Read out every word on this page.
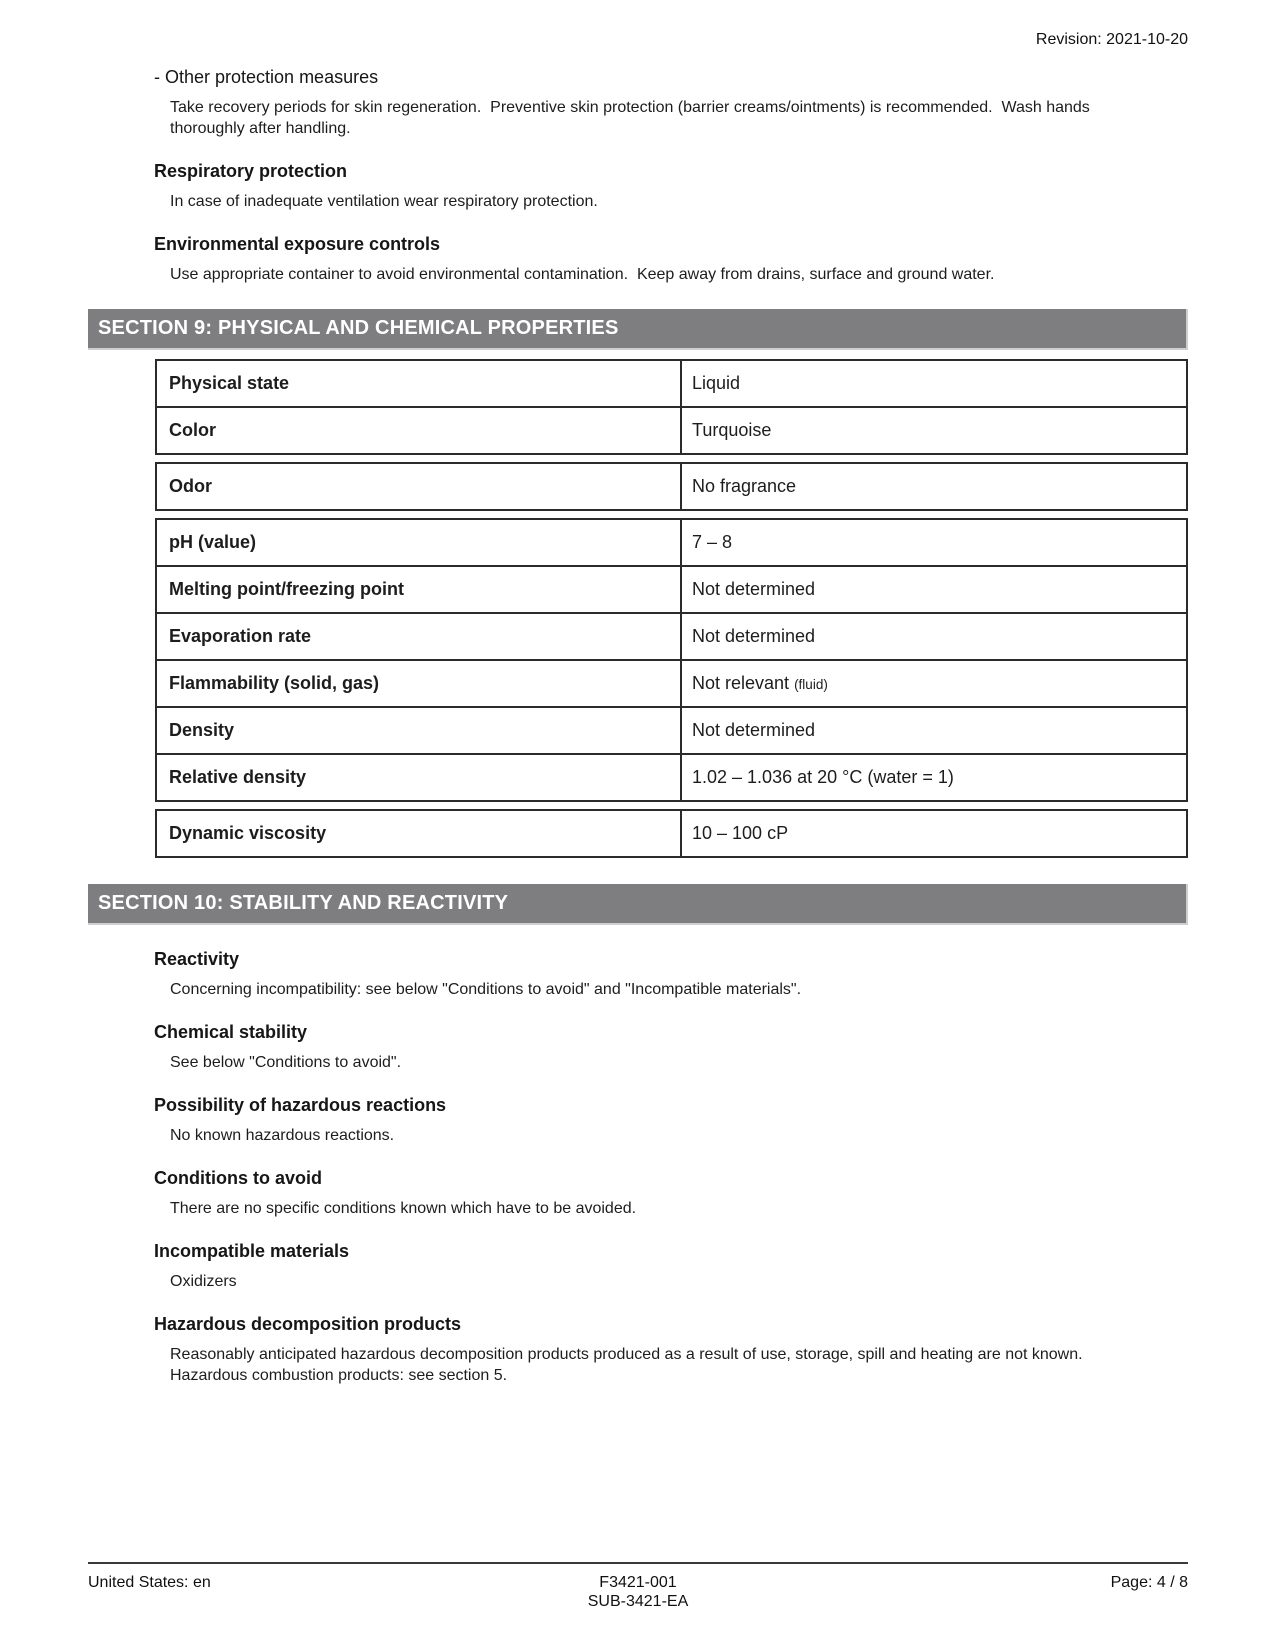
Revision: 2021-10-20
- Other protection measures

Take recovery periods for skin regeneration.  Preventive skin protection (barrier creams/ointments) is recommended.  Wash hands thoroughly after handling.

Respiratory protection

In case of inadequate ventilation wear respiratory protection.

Environmental exposure controls

Use appropriate container to avoid environmental contamination.  Keep away from drains, surface and ground water.

SECTION 9: PHYSICAL AND CHEMICAL PROPERTIES
Physical state	Liquid
Color	Turquoise
Odor	No fragrance
pH (value)	7 – 8
Melting point/freezing point	Not determined
Evaporation rate	Not determined
Flammability (solid, gas)	Not relevant (fluid)
Density	Not determined
Relative density	1.02 – 1.036 at 20 °C (water = 1)
Dynamic viscosity	10 – 100 cP
SECTION 10: STABILITY AND REACTIVITY
Reactivity

Concerning incompatibility: see below "Conditions to avoid" and "Incompatible materials".

Chemical stability

See below "Conditions to avoid".

Possibility of hazardous reactions

No known hazardous reactions.

Conditions to avoid

There are no specific conditions known which have to be avoided.

Incompatible materials

Oxidizers

Hazardous decomposition products

Reasonably anticipated hazardous decomposition products produced as a result of use, storage, spill and heating are not known.  Hazardous combustion products: see section 5.

F3421-001
SUB-3421-EA
United States: en	Page: 4 / 8
